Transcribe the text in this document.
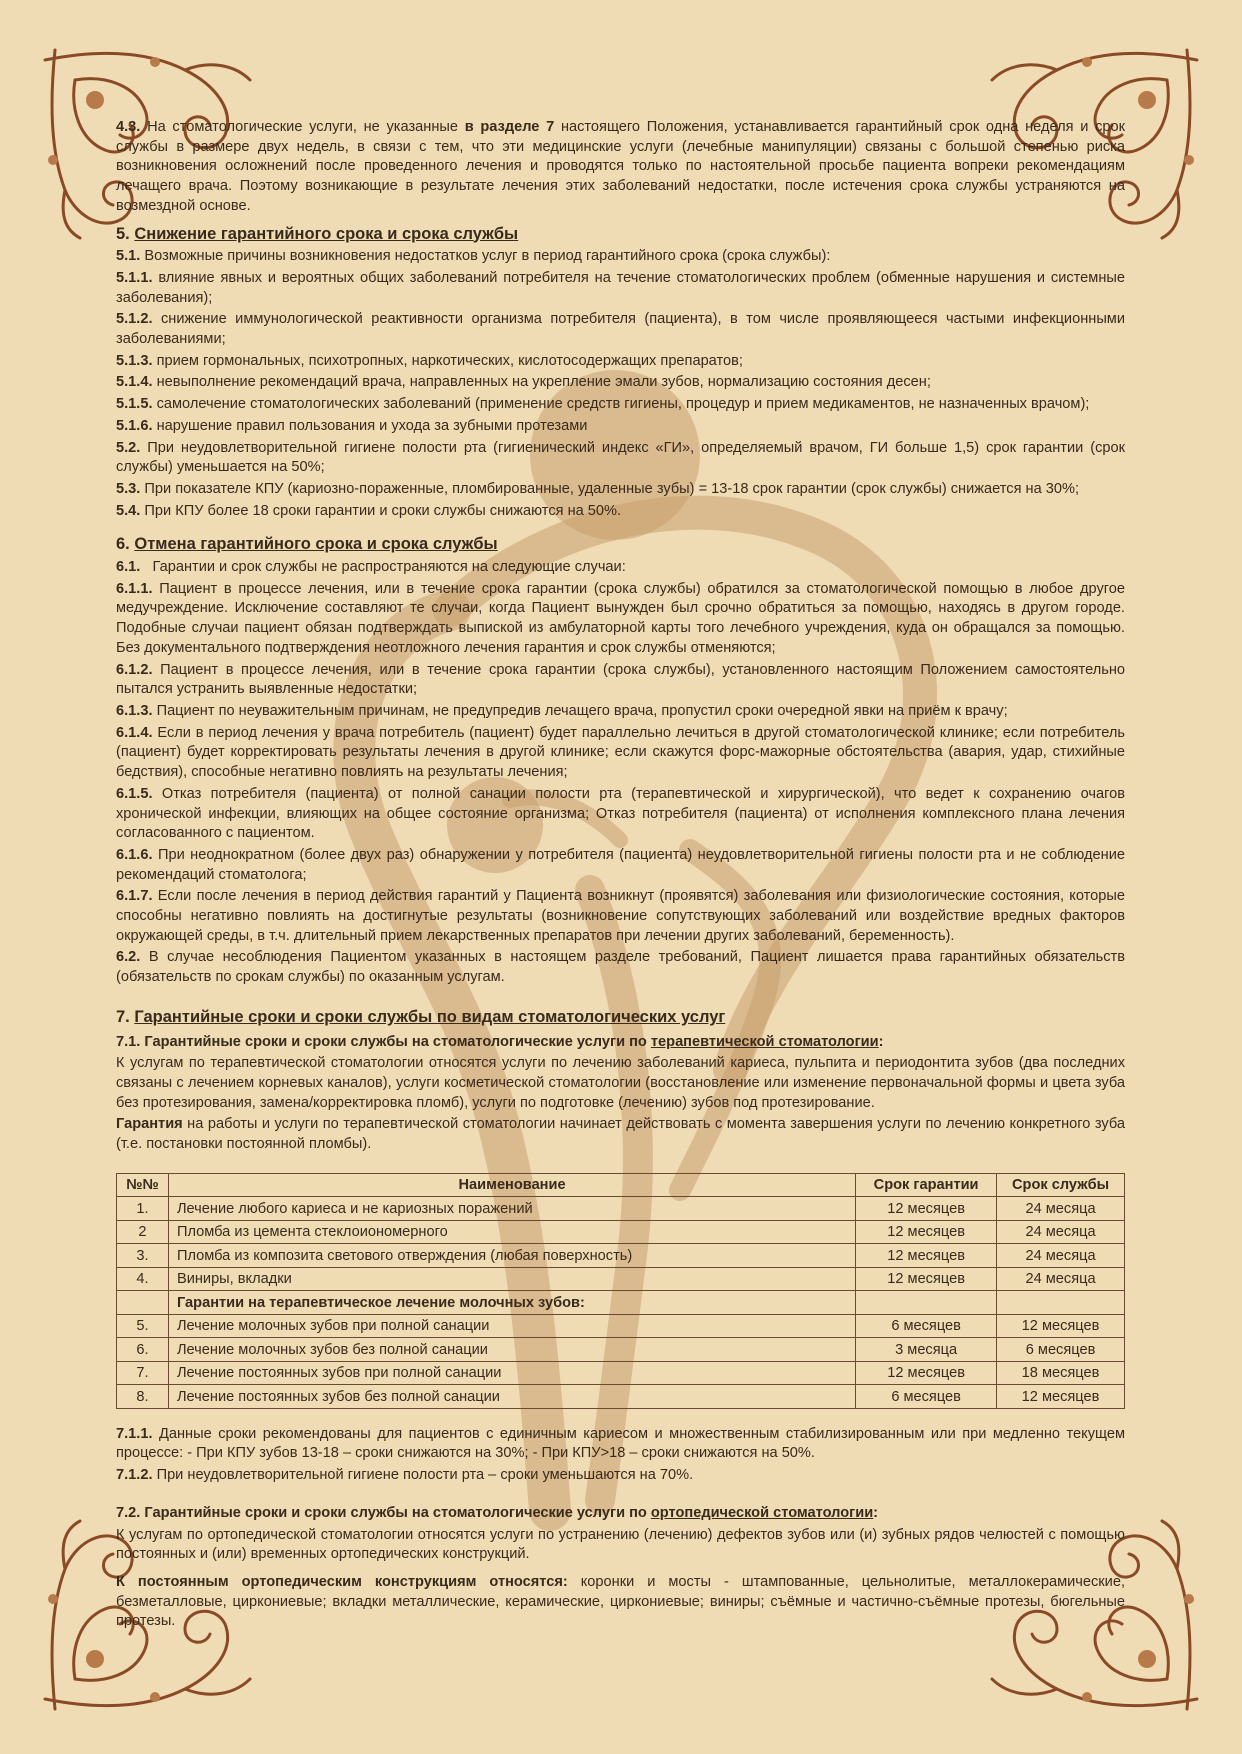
4.3. На стоматологические услуги, не указанные в разделе 7 настоящего Положения, устанавливается гарантийный срок одна неделя и срок службы в размере двух недель, в связи с тем, что эти медицинские услуги (лечебные манипуляции) связаны с большой степенью риска возникновения осложнений после проведенного лечения и проводятся только по настоятельной просьбе пациента вопреки рекомендациям лечащего врача. Поэтому возникающие в результате лечения этих заболеваний недостатки, после истечения срока службы устраняются на возмездной основе.

5. Снижение гарантийного срока и срока службы

5.1. Возможные причины возникновения недостатков услуг в период гарантийного срока (срока службы):

5.1.1. влияние явных и вероятных общих заболеваний потребителя на течение стоматологических проблем (обменные нарушения и системные заболевания);

5.1.2. снижение иммунологической реактивности организма потребителя (пациента), в том числе проявляющееся частыми инфекционными заболеваниями;

5.1.3. прием гормональных, психотропных, наркотических, кислотосодержащих препаратов;

5.1.4. невыполнение рекомендаций врача, направленных на укрепление эмали зубов, нормализацию состояния десен;

5.1.5. самолечение стоматологических заболеваний (применение средств гигиены, процедур и прием медикаментов, не назначенных врачом);

5.1.6. нарушение правил пользования и ухода за зубными протезами

5.2. При неудовлетворительной гигиене полости рта (гигиенический индекс «ГИ», определяемый врачом, ГИ больше 1,5) срок гарантии (срок службы) уменьшается на 50%;

5.3. При показателе КПУ (кариозно-пораженные, пломбированные, удаленные зубы) = 13-18 срок гарантии (срок службы) снижается на 30%;

5.4. При КПУ более 18 сроки гарантии и сроки службы снижаются на 50%.

6. Отмена гарантийного срока и срока службы

6.1. Гарантии и срок службы не распространяются на следующие случаи:

6.1.1. Пациент в процессе лечения, или в течение срока гарантии (срока службы) обратился за стоматологической помощью в любое другое медучреждение. Исключение составляют те случаи, когда Пациент вынужден был срочно обратиться за помощью, находясь в другом городе. Подобные случаи пациент обязан подтверждать выпиской из амбулаторной карты того лечебного учреждения, куда он обращался за помощью. Без документального подтверждения неотложного лечения гарантия и срок службы отменяются;

6.1.2. Пациент в процессе лечения, или в течение срока гарантии (срока службы), установленного настоящим Положением самостоятельно пытался устранить выявленные недостатки;

6.1.3. Пациент по неуважительным причинам, не предупредив лечащего врача, пропустил сроки очередной явки на приём к врачу;

6.1.4. Если в период лечения у врача потребитель (пациент) будет параллельно лечиться в другой стоматологической клинике; если потребитель (пациент) будет корректировать результаты лечения в другой клинике; если скажутся форс-мажорные обстоятельства (авария, удар, стихийные бедствия), способные негативно повлиять на результаты лечения;

6.1.5. Отказ потребителя (пациента) от полной санации полости рта (терапевтической и хирургической), что ведет к сохранению очагов хронической инфекции, влияющих на общее состояние организма; Отказ потребителя (пациента) от исполнения комплексного плана лечения согласованного с пациентом.

6.1.6. При неоднократном (более двух раз) обнаружении у потребителя (пациента) неудовлетворительной гигиены полости рта и не соблюдение рекомендаций стоматолога;

6.1.7. Если после лечения в период действия гарантий у Пациента возникнут (проявятся) заболевания или физиологические состояния, которые способны негативно повлиять на достигнутые результаты (возникновение сопутствующих заболеваний или воздействие вредных факторов окружающей среды, в т.ч. длительный прием лекарственных препаратов при лечении других заболеваний, беременность).

6.2. В случае несоблюдения Пациентом указанных в настоящем разделе требований, Пациент лишается права гарантийных обязательств (обязательств по срокам службы) по оказанным услугам.

7. Гарантийные сроки и сроки службы по видам стоматологических услуг
7.1. Гарантийные сроки и сроки службы на стоматологические услуги по терапевтической стоматологии:

К услугам по терапевтической стоматологии относятся услуги по лечению заболеваний кариеса, пульпита и периодонтита зубов (два последних связаны с лечением корневых каналов), услуги косметической стоматологии (восстановление или изменение первоначальной формы и цвета зуба без протезирования, замена/корректировка пломб), услуги по подготовке (лечению) зубов под протезирование.

Гарантия на работы и услуги по терапевтической стоматологии начинает действовать с момента завершения услуги по лечению конкретного зуба (т.е. постановки постоянной пломбы).

№№	Наименование	Срок гарантии	Срок службы
1.	Лечение любого кариеса и не кариозных поражений	12 месяцев	24 месяца
2	Пломба из цемента стеклоиономерного	12 месяцев	24 месяца
3.	Пломба из композита светового отверждения (любая поверхность)	12 месяцев	24 месяца
4.	Виниры, вкладки	12 месяцев	24 месяца
	Гарантии на терапевтическое лечение молочных зубов:		
5.	Лечение молочных зубов при полной санации	6 месяцев	12 месяцев
6.	Лечение молочных зубов без полной санации	3 месяца	6 месяцев
7.	Лечение постоянных зубов при полной санации	12 месяцев	18 месяцев
8.	Лечение постоянных зубов без полной санации	6 месяцев	12 месяцев

7.1.1. Данные сроки рекомендованы для пациентов с единичным кариесом и множественным стабилизированным или при медленно текущем процессе: - При КПУ зубов 13-18 – сроки снижаются на 30%; - При КПУ>18 – сроки снижаются на 50%.

7.1.2. При неудовлетворительной гигиене полости рта – сроки уменьшаются на 70%.

7.2. Гарантийные сроки и сроки службы на стоматологические услуги по ортопедической стоматологии:

К услугам по ортопедической стоматологии относятся услуги по устранению (лечению) дефектов зубов или (и) зубных рядов челюстей с помощью постоянных и (или) временных ортопедических конструкций.

К постоянным ортопедическим конструкциям относятся: коронки и мосты - штампованные, цельнолитые, металлокерамические, безметалловые, циркониевые; вкладки металлические, керамические, циркониевые; виниры; съёмные и частично-съёмные протезы, бюгельные протезы.
